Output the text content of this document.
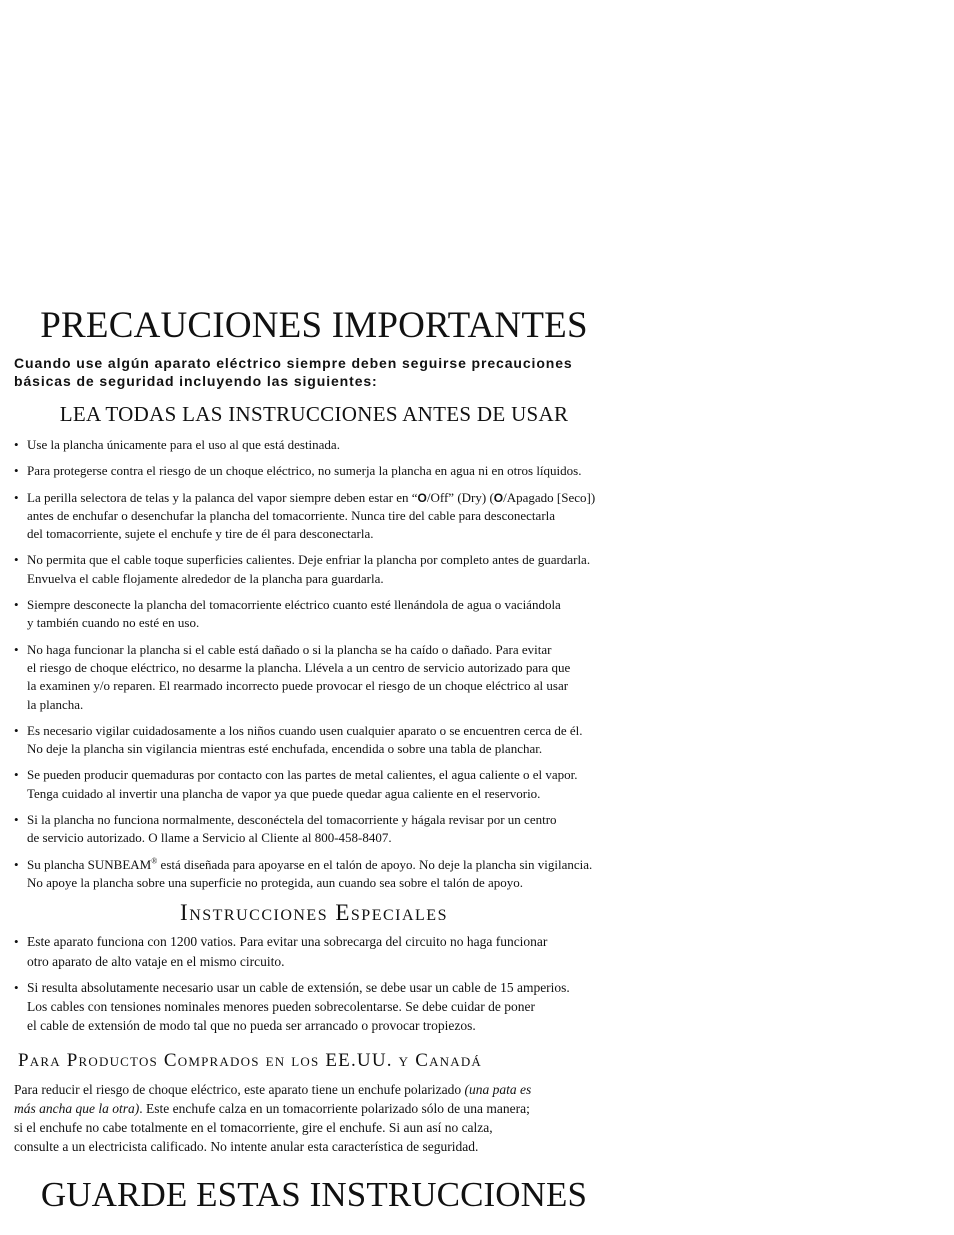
PRECAUCIONES IMPORTANTES

Cuando use algún aparato eléctrico siempre deben seguirse precauciones básicas de seguridad incluyendo las siguientes:

LEA TODAS LAS INSTRUCCIONES ANTES DE USAR
• Use la plancha únicamente para el uso al que está destinada.
• Para protegerse contra el riesgo de un choque eléctrico, no sumerja la plancha en agua ni en otros líquidos.
• La perilla selectora de telas y la palanca del vapor siempre deben estar en “O/Off” (Dry) (O/Apagado [Seco])
antes de enchufar o desenchufar la plancha del tomacorriente. Nunca tire del cable para desconectarla
del tomacorriente, sujete el enchufe y tire de él para desconectarla.
• No permita que el cable toque superficies calientes. Deje enfriar la plancha por completo antes de guardarla.
Envuelva el cable flojamente alrededor de la plancha para guardarla.
• Siempre desconecte la plancha del tomacorriente eléctrico cuanto esté llenándola de agua o vaciándola
y también cuando no esté en uso.
• No haga funcionar la plancha si el cable está dañado o si la plancha se ha caído o dañado. Para evitar
el riesgo de choque eléctrico, no desarme la plancha. Llévela a un centro de servicio autorizado para que
la examinen y/o reparen. El rearmado incorrecto puede provocar el riesgo de un choque eléctrico al usar
la plancha.
• Es necesario vigilar cuidadosamente a los niños cuando usen cualquier aparato o se encuentren cerca de él.
No deje la plancha sin vigilancia mientras esté enchufada, encendida o sobre una tabla de planchar.
• Se pueden producir quemaduras por contacto con las partes de metal calientes, el agua caliente o el vapor.
Tenga cuidado al invertir una plancha de vapor ya que puede quedar agua caliente en el reservorio.
• Si la plancha no funciona normalmente, desconéctela del tomacorriente y hágala revisar por un centro
de servicio autorizado. O llame a Servicio al Cliente al 800-458-8407.
• Su plancha SUNBEAM® está diseñada para apoyarse en el talón de apoyo. No deje la plancha sin vigilancia.
No apoye la plancha sobre una superficie no protegida, aun cuando sea sobre el talón de apoyo.
Instrucciones Especiales
• Este aparato funciona con 1200 vatios. Para evitar una sobrecarga del circuito no haga funcionar
otro aparato de alto vataje en el mismo circuito.
• Si resulta absolutamente necesario usar un cable de extensión, se debe usar un cable de 15 amperios.
Los cables con tensiones nominales menores pueden sobrecolentarse. Se debe cuidar de poner
el cable de extensión de modo tal que no pueda ser arrancado o provocar tropiezos.
Para Productos Comprados en los EE.UU. y Canadá

Para reducir el riesgo de choque eléctrico, este aparato tiene un enchufe polarizado (una pata es
más ancha que la otra). Este enchufe calza en un tomacorriente polarizado sólo de una manera;
si el enchufe no cabe totalmente en el tomacorriente, gire el enchufe. Si aun así no calza,
consulte a un electricista calificado. No intente anular esta característica de seguridad.

GUARDE ESTAS INSTRUCCIONES
